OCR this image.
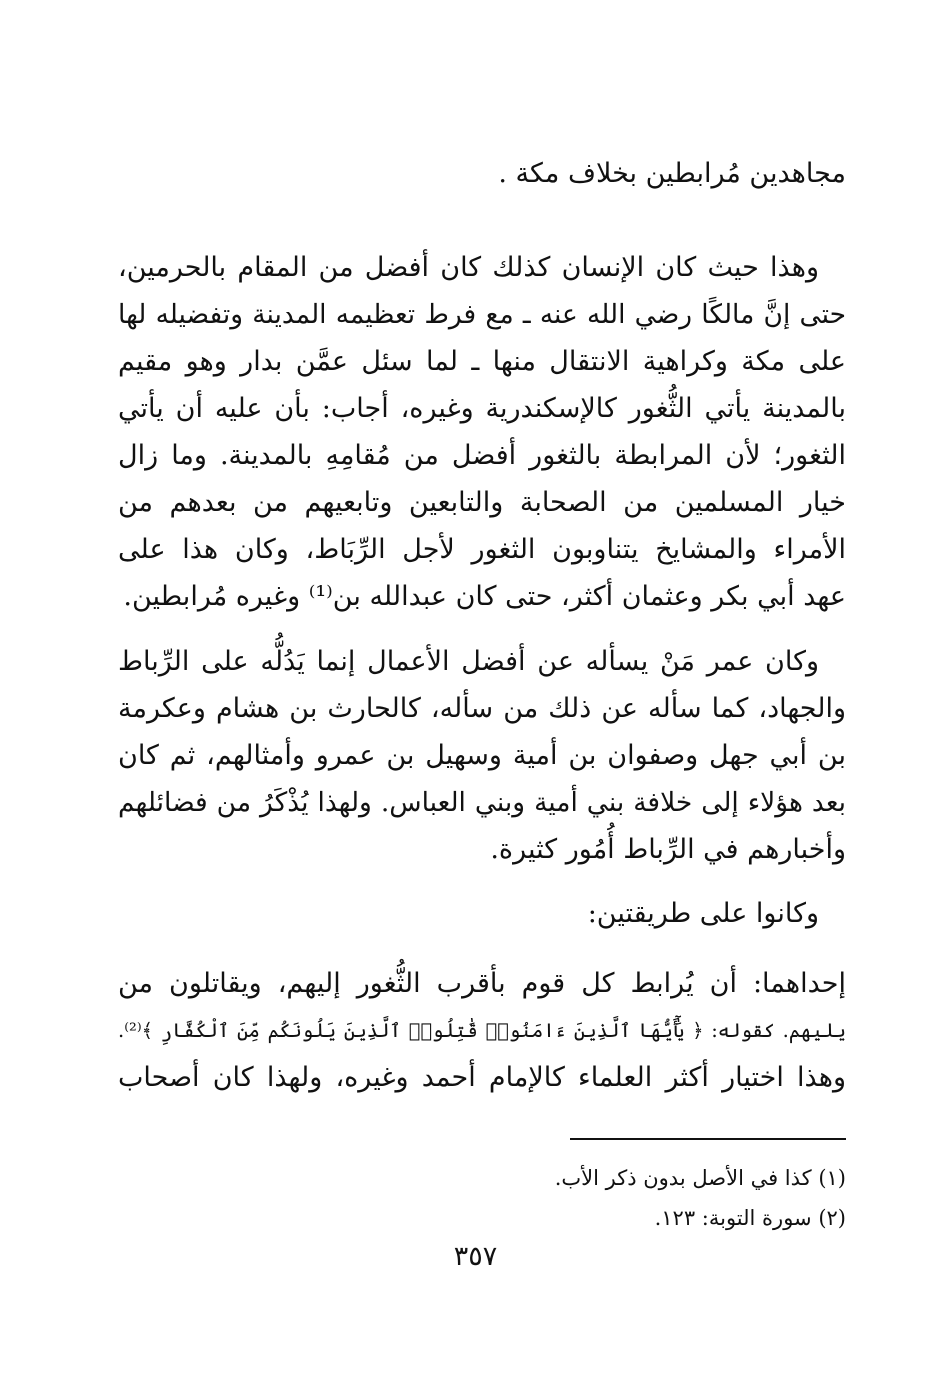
مجاهدين مُرابطين بخلاف مكة .
وهذا حيث كان الإنسان كذلك كان أفضل من المقام بالحرمين،
حتى إنَّ مالكًا رضي الله عنه ـ مع فرط تعظيمه المدينة وتفضيله لها
على مكة وكراهية الانتقال منها ـ لما سئل عمَّن بدار وهو مقيم
بالمدينة يأتي الثُّغور كالإسكندرية وغيره، أجاب: بأن عليه أن يأتي
الثغور؛ لأن المرابطة بالثغور أفضل من مُقامِهِ بالمدينة. وما زال
خيار المسلمين من الصحابة والتابعين وتابعيهم من بعدهم من
الأمراء والمشايخ يتناوبون الثغور لأجل الرِّبَاط، وكان هذا على
عهد أبي بكر وعثمان أكثر، حتى كان عبدالله بن⁽¹⁾ وغيره مُرابطين.
وكان عمر مَنْ يسأله عن أفضل الأعمال إنما يَدُلُّه على الرِّباط
والجهاد، كما سأله عن ذلك من سأله، كالحارث بن هشام وعكرمة
بن أبي جهل وصفوان بن أمية وسهيل بن عمرو وأمثالهم، ثم كان
بعد هؤلاء إلى خلافة بني أمية وبني العباس. ولهذا يُذْكَرُ من فضائلهم
وأخبارهم في الرِّباط أُمُور كثيرة.
وكانوا على طريقتين:
إحداهما: أن يُرابط كل قوم بأقرب الثُّغور إليهم، ويقاتلون من
يليهم. كقوله: ﴿ يَٰٓأَيُّهَا ٱلَّذِينَ ءَامَنُوا۟ قَٰتِلُوا۟ ٱلَّذِينَ يَلُونَكُم مِّنَ ٱلْكُفَّارِ ﴾⁽²⁾.
وهذا اختيار أكثر العلماء كالإمام أحمد وغيره، ولهذا كان أصحاب
(١) كذا في الأصل بدون ذكر الأب.
(٢) سورة التوبة: ١٢٣.
٣٥٧
